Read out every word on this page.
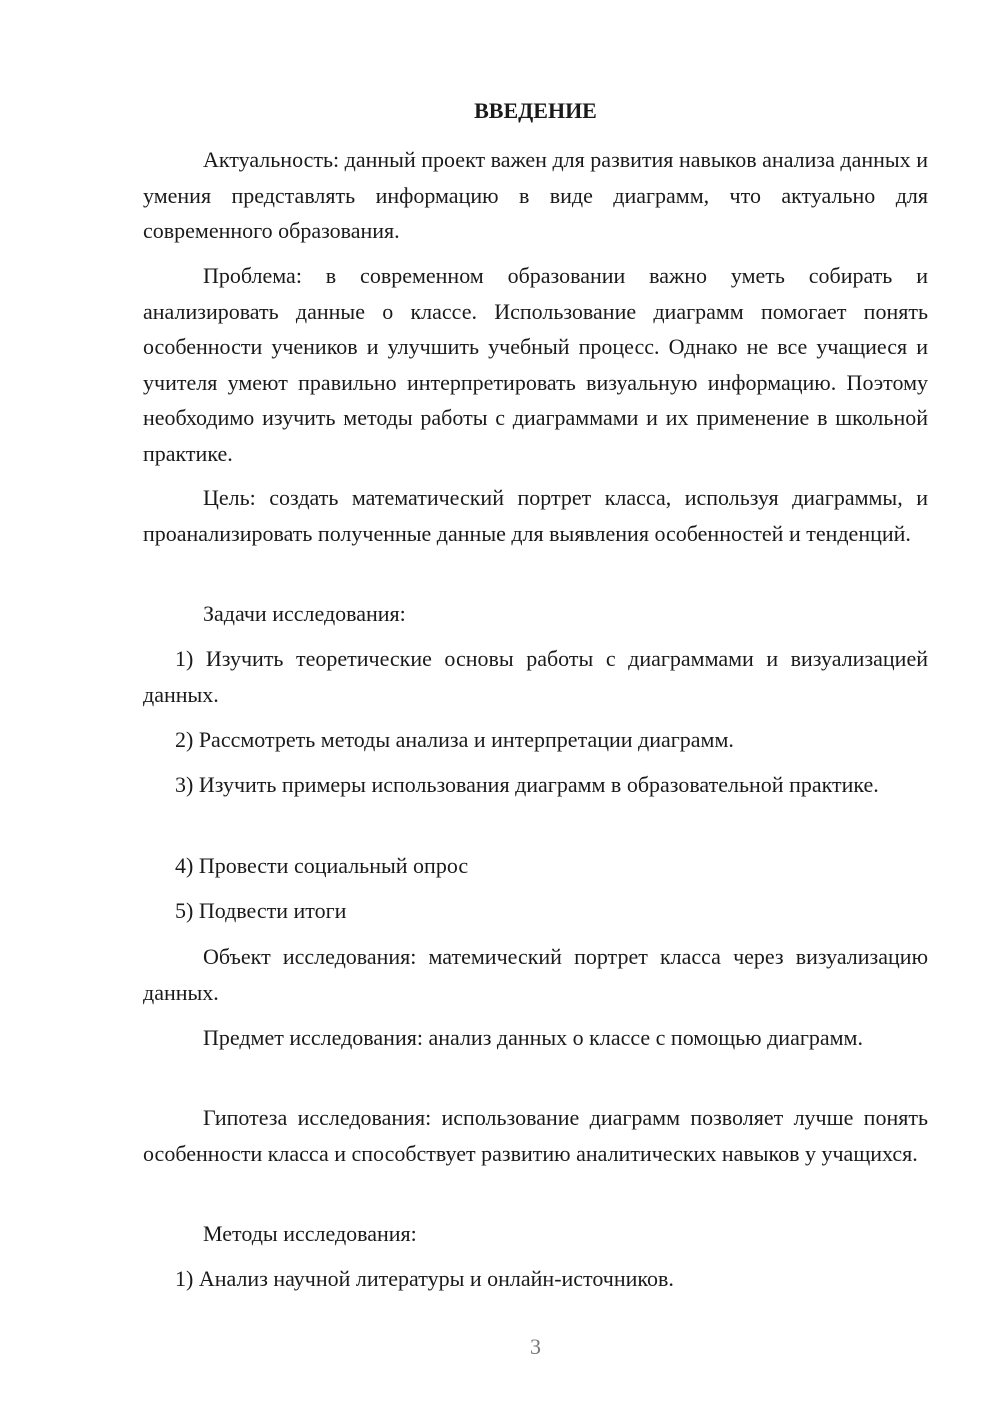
ВВЕДЕНИЕ

Актуальность: данный проект важен для развития навыков анализа данных и умения представлять информацию в виде диаграмм, что актуально для современного образования.

Проблема: в современном образовании важно уметь собирать и анализировать данные о классе. Использование диаграмм помогает понять особенности учеников и улучшить учебный процесс. Однако не все учащиеся и учителя умеют правильно интерпретировать визуальную информацию. Поэтому необходимо изучить методы работы с диаграммами и их применение в школьной практике.

Цель: создать математический портрет класса, используя диаграммы, и проанализировать полученные данные для выявления особенностей и тенденций.

Задачи исследования:

1) Изучить теоретические основы работы с диаграммами и визуализацией данных.

2) Рассмотреть методы анализа и интерпретации диаграмм.

3) Изучить примеры использования диаграмм в образовательной практике.

4) Провести социальный опрос

5) Подвести итоги

Объект исследования: матемический портрет класса через визуализацию данных.

Предмет исследования: анализ данных о классе с помощью диаграмм.

Гипотеза исследования: использование диаграмм позволяет лучше понять особенности класса и способствует развитию аналитических навыков у учащихся.

Методы исследования:

1) Анализ научной литературы и онлайн-источников.

3
